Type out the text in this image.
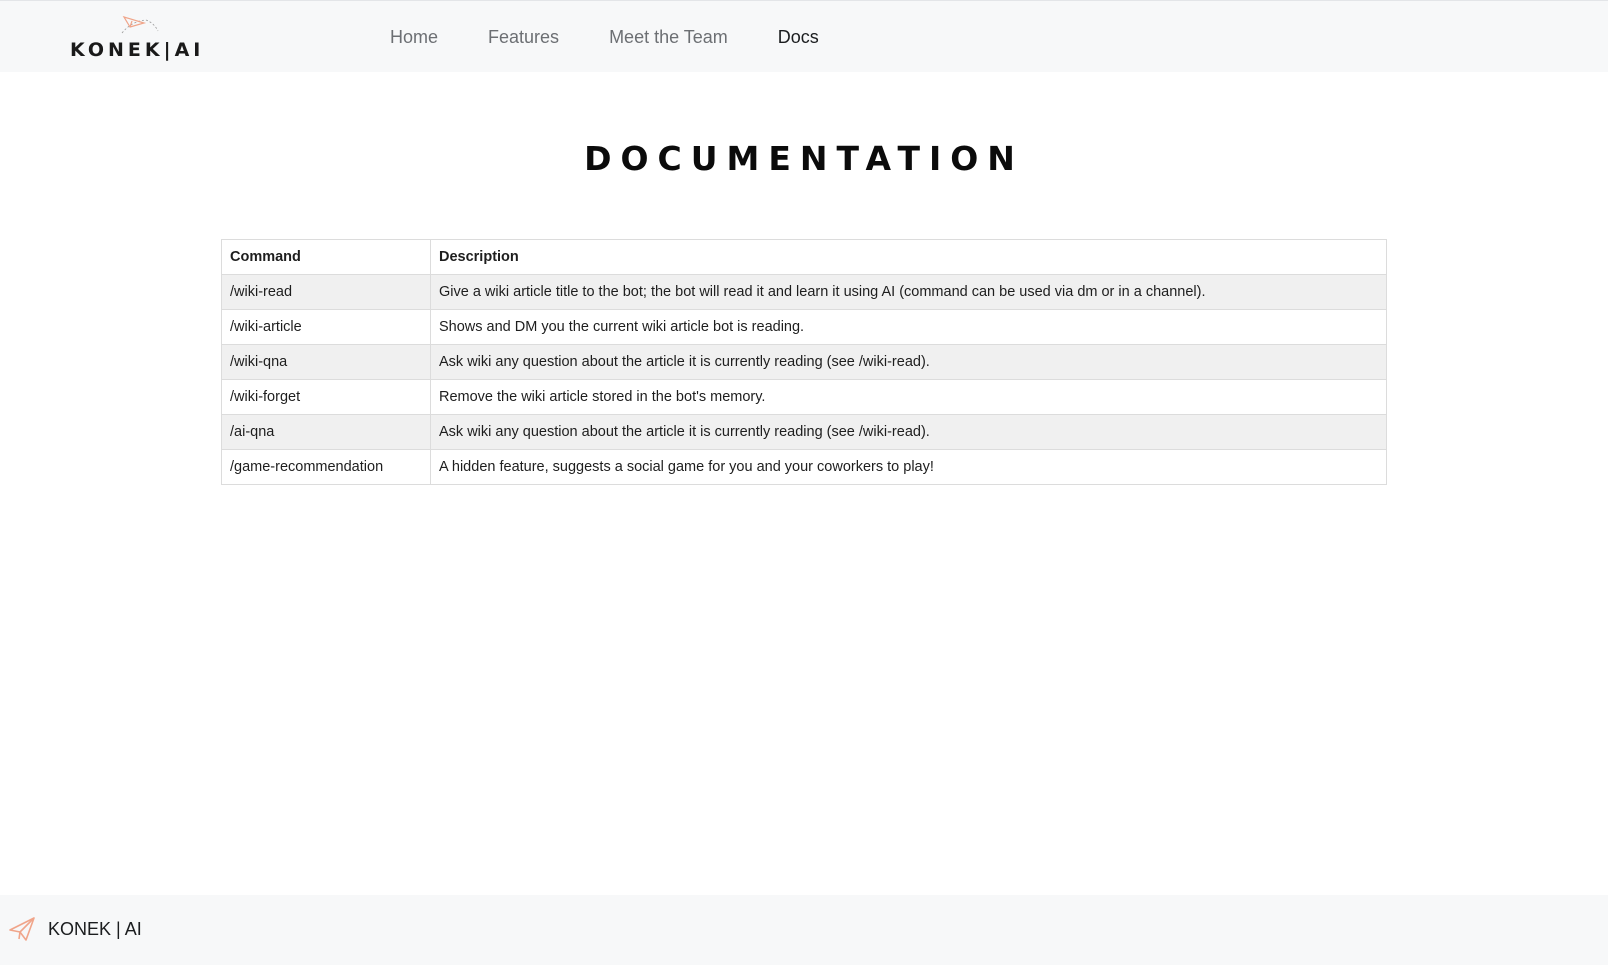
KONEK|AI
Home	Features	Meet the Team	Docs
DOCUMENTATION
Command	Description
/wiki-read	Give a wiki article title to the bot; the bot will read it and learn it using AI (command can be used via dm or in a channel).
/wiki-article	Shows and DM you the current wiki article bot is reading.
/wiki-qna	Ask wiki any question about the article it is currently reading (see /wiki-read).
/wiki-forget	Remove the wiki article stored in the bot's memory.
/ai-qna	Ask wiki any question about the article it is currently reading (see /wiki-read).
/game-recommendation	A hidden feature, suggests a social game for you and your coworkers to play!
KONEK | AI
